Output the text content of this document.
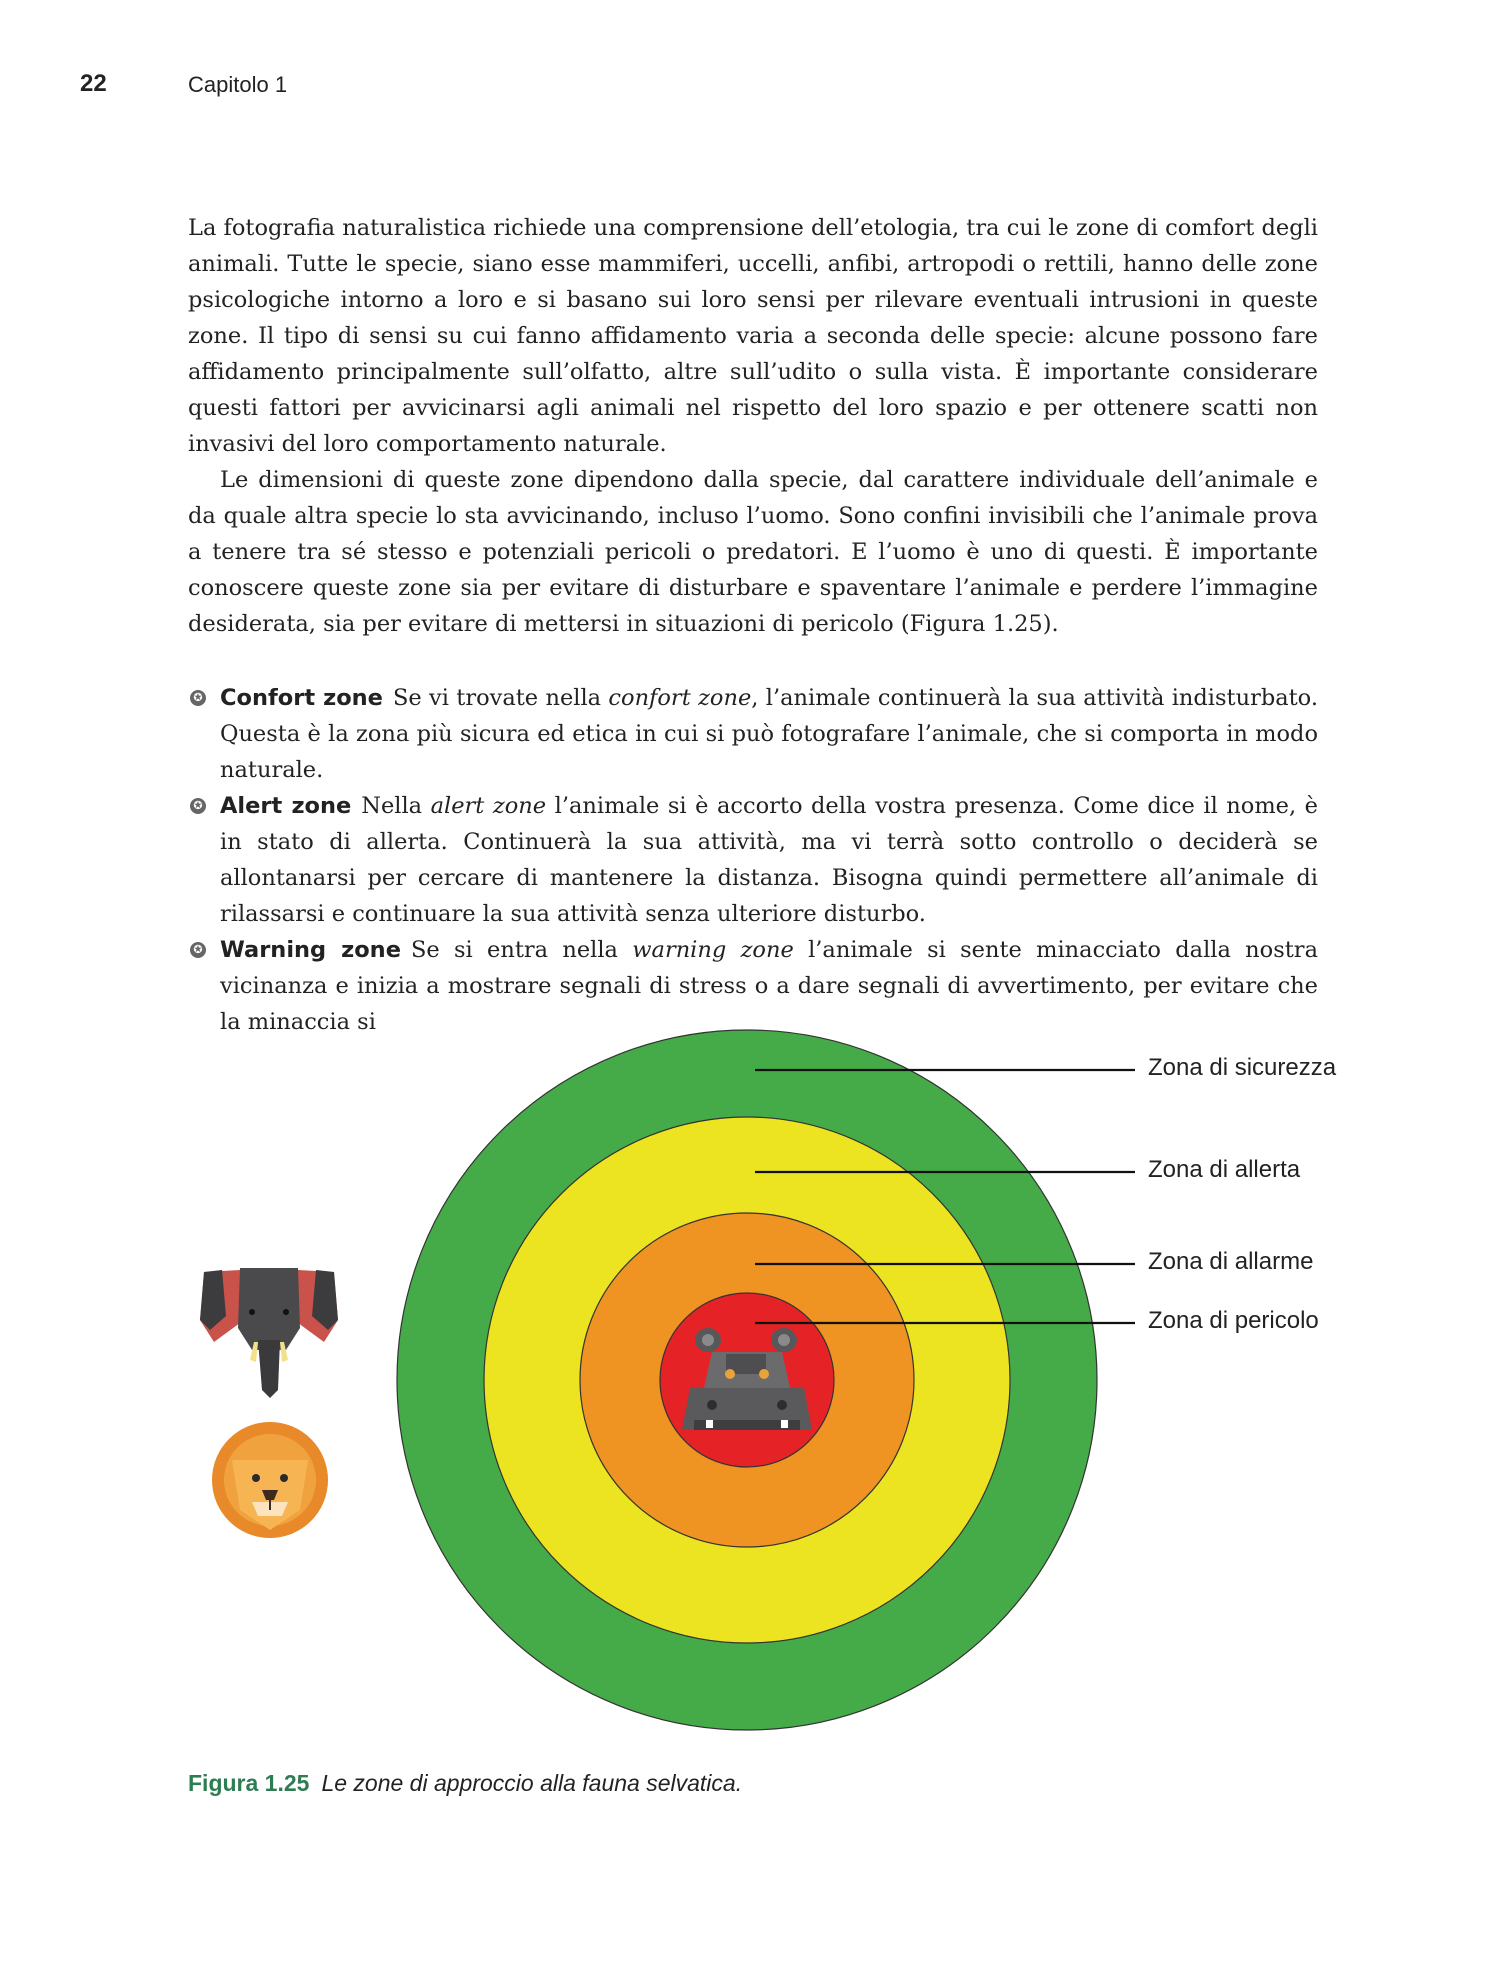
22	Capitolo 1

La fotografia naturalistica richiede una comprensione dell’etologia, tra cui le zone di comfort degli animali. Tutte le specie, siano esse mammiferi, uccelli, anfibi, artropodi o rettili, hanno delle zone psicologiche intorno a loro e si basano sui loro sensi per rilevare eventuali intrusioni in queste zone. Il tipo di sensi su cui fanno affidamento varia a seconda delle specie: alcune possono fare affidamento principalmente sull’olfatto, altre sull’udito o sulla vista. È importante considerare questi fattori per avvicinarsi agli animali nel rispetto del loro spazio e per ottenere scatti non invasivi del loro comportamento naturale.

Le dimensioni di queste zone dipendono dalla specie, dal carattere individuale dell’animale e da quale altra specie lo sta avvicinando, incluso l’uomo. Sono confini invisibili che l’animale prova a tenere tra sé stesso e potenziali pericoli o predatori. E l’uomo è uno di questi. È importante conoscere queste zone sia per evitare di disturbare e spaventare l’animale e perdere l’immagine desiderata, sia per evitare di mettersi in situazioni di pericolo (Figura 1.25).

✪ Confort zone Se vi trovate nella confort zone, l’animale continuerà la sua attività indisturbato. Questa è la zona più sicura ed etica in cui si può fotografare l’animale, che si comporta in modo naturale.
✪ Alert zone Nella alert zone l’animale si è accorto della vostra presenza. Come dice il nome, è in stato di allerta. Continuerà la sua attività, ma vi terrà sotto controllo o deciderà se allontanarsi per cercare di mantenere la distanza. Bisogna quindi permettere all’animale di rilassarsi e continuare la sua attività senza ulteriore disturbo.
✪ Warning zone Se si entra nella warning zone l’animale si sente minacciato dalla nostra vicinanza e inizia a mostrare segnali di stress o a dare segnali di avvertimento, per evitare che la minaccia si
Zona di sicurezza
Zona di allerta
Zona di allarme
Zona di pericolo
Figura 1.25 Le zone di approccio alla fauna selvatica.
